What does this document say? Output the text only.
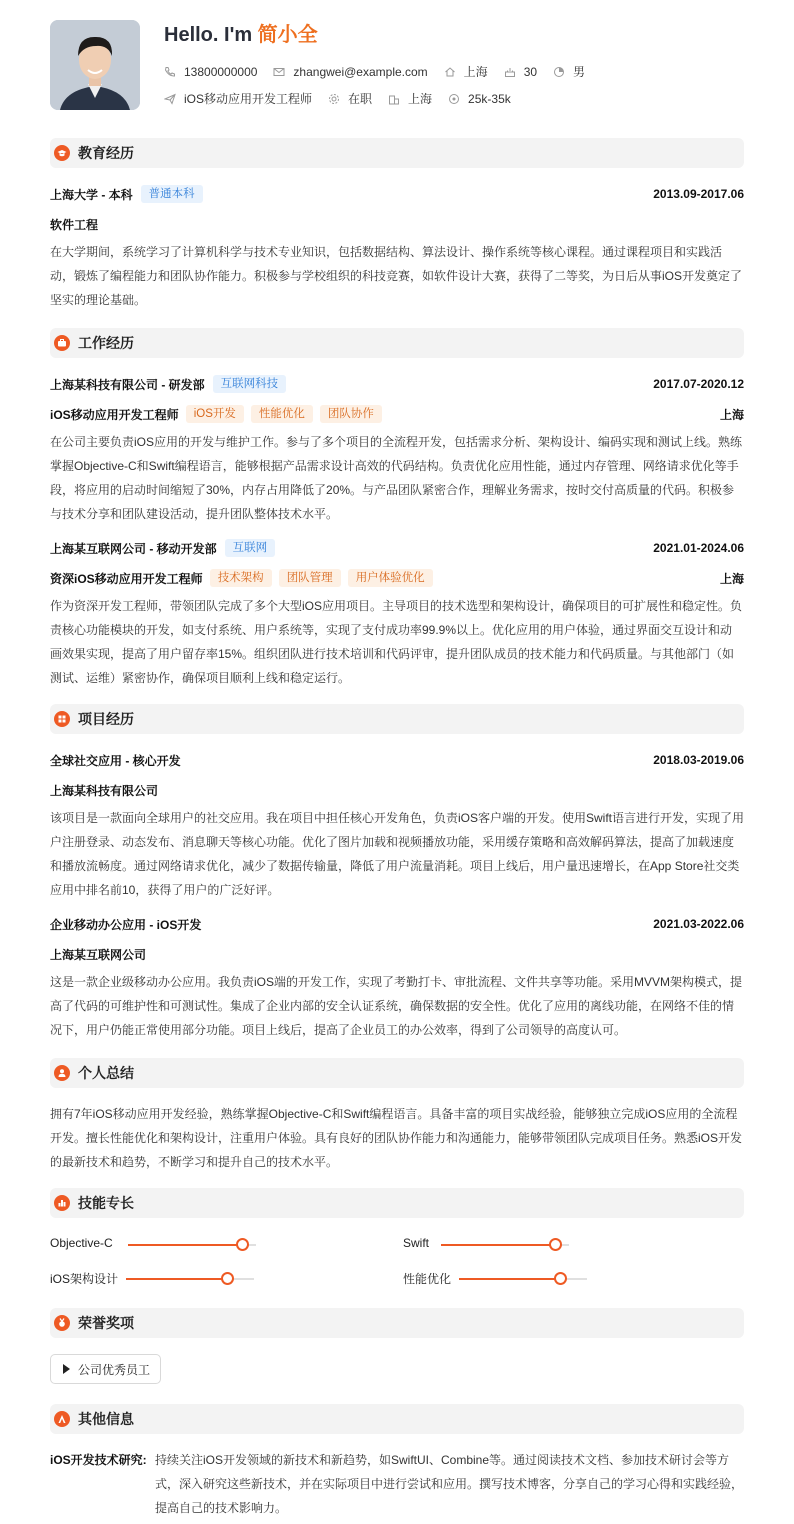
Hello. I'm 简小全
13800000000	zhangwei@example.com	上海	30	男
iOS移动应用开发工程师	在职	上海	25k-35k
教育经历
上海大学 - 本科	普通本科	2013.09-2017.06
软件工程

在大学期间，系统学习了计算机科学与技术专业知识，包括数据结构、算法设计、操作系统等核心课程。通过课程项目和实践活动，锻炼了编程能力和团队协作能力。积极参与学校组织的科技竞赛，如软件设计大赛，获得了二等奖，为日后从事iOS开发奠定了坚实的理论基础。

工作经历
上海某科技有限公司 - 研发部	互联网科技	2017.07-2020.12
iOS移动应用开发工程师	iOS开发	性能优化	团队协作	上海

在公司主要负责iOS应用的开发与维护工作。参与了多个项目的全流程开发，包括需求分析、架构设计、编码实现和测试上线。熟练掌握Objective-C和Swift编程语言，能够根据产品需求设计高效的代码结构。负责优化应用性能，通过内存管理、网络请求优化等手段，将应用的启动时间缩短了30%，内存占用降低了20%。与产品团队紧密合作，理解业务需求，按时交付高质量的代码。积极参与技术分享和团队建设活动，提升团队整体技术水平。

上海某互联网公司 - 移动开发部	互联网	2021.01-2024.06
资深iOS移动应用开发工程师	技术架构	团队管理	用户体验优化	上海

作为资深开发工程师，带领团队完成了多个大型iOS应用项目。主导项目的技术选型和架构设计，确保项目的可扩展性和稳定性。负责核心功能模块的开发，如支付系统、用户系统等，实现了支付成功率99.9%以上。优化应用的用户体验，通过界面交互设计和动画效果实现，提高了用户留存率15%。组织团队进行技术培训和代码评审，提升团队成员的技术能力和代码质量。与其他部门（如测试、运维）紧密协作，确保项目顺利上线和稳定运行。

项目经历
全球社交应用 - 核心开发	2018.03-2019.06
上海某科技有限公司

该项目是一款面向全球用户的社交应用。我在项目中担任核心开发角色，负责iOS客户端的开发。使用Swift语言进行开发，实现了用户注册登录、动态发布、消息聊天等核心功能。优化了图片加载和视频播放功能，采用缓存策略和高效解码算法，提高了加载速度和播放流畅度。通过网络请求优化，减少了数据传输量，降低了用户流量消耗。项目上线后，用户量迅速增长，在App Store社交类应用中排名前10，获得了用户的广泛好评。

企业移动办公应用 - iOS开发	2021.03-2022.06
上海某互联网公司

这是一款企业级移动办公应用。我负责iOS端的开发工作，实现了考勤打卡、审批流程、文件共享等功能。采用MVVM架构模式，提高了代码的可维护性和可测试性。集成了企业内部的安全认证系统，确保数据的安全性。优化了应用的离线功能，在网络不佳的情况下，用户仍能正常使用部分功能。项目上线后，提高了企业员工的办公效率，得到了公司领导的高度认可。

个人总结

拥有7年iOS移动应用开发经验，熟练掌握Objective-C和Swift编程语言。具备丰富的项目实战经验，能够独立完成iOS应用的全流程开发。擅长性能优化和架构设计，注重用户体验。具有良好的团队协作能力和沟通能力，能够带领团队完成项目任务。熟悉iOS开发的最新技术和趋势，不断学习和提升自己的技术水平。

技能专长
Objective-C	Swift
iOS架构设计	性能优化
荣誉奖项
公司优秀员工
其他信息
iOS开发技术研究: 持续关注iOS开发领域的新技术和新趋势，如SwiftUI、Combine等。通过阅读技术文档、参加技术研讨会等方式，深入研究这些新技术，并在实际项目中进行尝试和应用。撰写技术博客，分享自己的学习心得和实践经验，提高自己的技术影响力。
